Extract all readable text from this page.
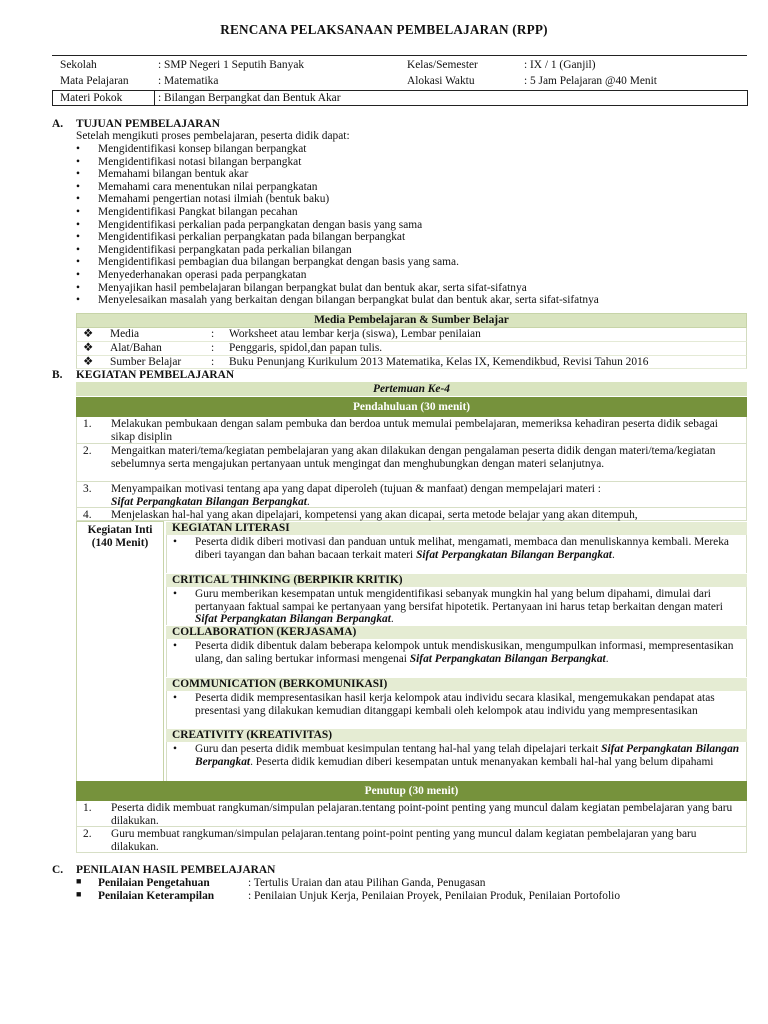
RENCANA PELAKSANAAN PEMBELAJARAN (RPP)
Sekolah	: SMP Negeri 1 Seputih Banyak	Kelas/Semester	: IX / 1 (Ganjil)
Mata Pelajaran	: Matematika	Alokasi Waktu	: 5 Jam Pelajaran @40 Menit
Materi Pokok	: Bilangan Berpangkat dan Bentuk Akar
A. TUJUAN PEMBELAJARAN
Setelah mengikuti proses pembelajaran, peserta didik dapat:
• Mengidentifikasi konsep bilangan berpangkat
• Mengidentifikasi notasi bilangan berpangkat
• Memahami bilangan bentuk akar
• Memahami cara menentukan nilai perpangkatan
• Memahami pengertian notasi ilmiah (bentuk baku)
• Mengidentifikasi Pangkat bilangan pecahan
• Mengidentifikasi perkalian pada perpangkatan dengan basis yang sama
• Mengidentifikasi perkalian perpangkatan pada bilangan berpangkat
• Mengidentifikasi perpangkatan pada perkalian bilangan
• Mengidentifikasi pembagian dua bilangan berpangkat dengan basis yang sama.
• Menyederhanakan operasi pada perpangkatan
• Menyajikan hasil pembelajaran bilangan berpangkat bulat dan bentuk akar, serta sifat-sifatnya
• Menyelesaikan masalah yang berkaitan dengan bilangan berpangkat bulat dan bentuk akar, serta sifat-sifatnya
Media Pembelajaran & Sumber Belajar
❖ Media	: Worksheet atau lembar kerja (siswa), Lembar penilaian
❖ Alat/Bahan	: Penggaris, spidol,dan papan tulis.
❖ Sumber Belajar	: Buku Penunjang Kurikulum 2013 Matematika, Kelas IX, Kemendikbud, Revisi Tahun 2016
B. KEGIATAN PEMBELAJARAN
Pertemuan Ke-4
Pendahuluan (30 menit)
1. Melakukan pembukaan dengan salam pembuka dan berdoa untuk memulai pembelajaran, memeriksa kehadiran peserta didik sebagai sikap disiplin
2. Mengaitkan materi/tema/kegiatan pembelajaran yang akan dilakukan dengan pengalaman peserta didik dengan materi/tema/kegiatan sebelumnya serta mengajukan pertanyaan untuk mengingat dan menghubungkan dengan materi selanjutnya.
3. Menyampaikan motivasi tentang apa yang dapat diperoleh (tujuan & manfaat) dengan mempelajari materi :
Sifat Perpangkatan Bilangan Berpangkat.
4. Menjelaskan hal-hal yang akan dipelajari, kompetensi yang akan dicapai, serta metode belajar yang akan ditempuh,
Kegiatan Inti
(140 Menit)
KEGIATAN LITERASI
• Peserta didik diberi motivasi dan panduan untuk melihat, mengamati, membaca dan menuliskannya kembali. Mereka diberi tayangan dan bahan bacaan terkait materi Sifat Perpangkatan Bilangan Berpangkat.
CRITICAL THINKING (BERPIKIR KRITIK)
• Guru memberikan kesempatan untuk mengidentifikasi sebanyak mungkin hal yang belum dipahami, dimulai dari pertanyaan faktual sampai ke pertanyaan yang bersifat hipotetik. Pertanyaan ini harus tetap berkaitan dengan materi Sifat Perpangkatan Bilangan Berpangkat.
COLLABORATION (KERJASAMA)
• Peserta didik dibentuk dalam beberapa kelompok untuk mendiskusikan, mengumpulkan informasi, mempresentasikan ulang, dan saling bertukar informasi mengenai Sifat Perpangkatan Bilangan Berpangkat.
COMMUNICATION (BERKOMUNIKASI)
• Peserta didik mempresentasikan hasil kerja kelompok atau individu secara klasikal, mengemukakan pendapat atas presentasi yang dilakukan kemudian ditanggapi kembali oleh kelompok atau individu yang mempresentasikan
CREATIVITY (KREATIVITAS)
• Guru dan peserta didik membuat kesimpulan tentang hal-hal yang telah dipelajari terkait Sifat Perpangkatan Bilangan Berpangkat. Peserta didik kemudian diberi kesempatan untuk menanyakan kembali hal-hal yang belum dipahami
Penutup (30 menit)
1. Peserta didik membuat rangkuman/simpulan pelajaran.tentang point-point penting yang muncul dalam kegiatan pembelajaran yang baru dilakukan.
2. Guru membuat rangkuman/simpulan pelajaran.tentang point-point penting yang muncul dalam kegiatan pembelajaran yang baru dilakukan.
C. PENILAIAN HASIL PEMBELAJARAN
■ Penilaian Pengetahuan	: Tertulis Uraian dan atau Pilihan Ganda, Penugasan
■ Penilaian Keterampilan	: Penilaian Unjuk Kerja, Penilaian Proyek, Penilaian Produk, Penilaian Portofolio
